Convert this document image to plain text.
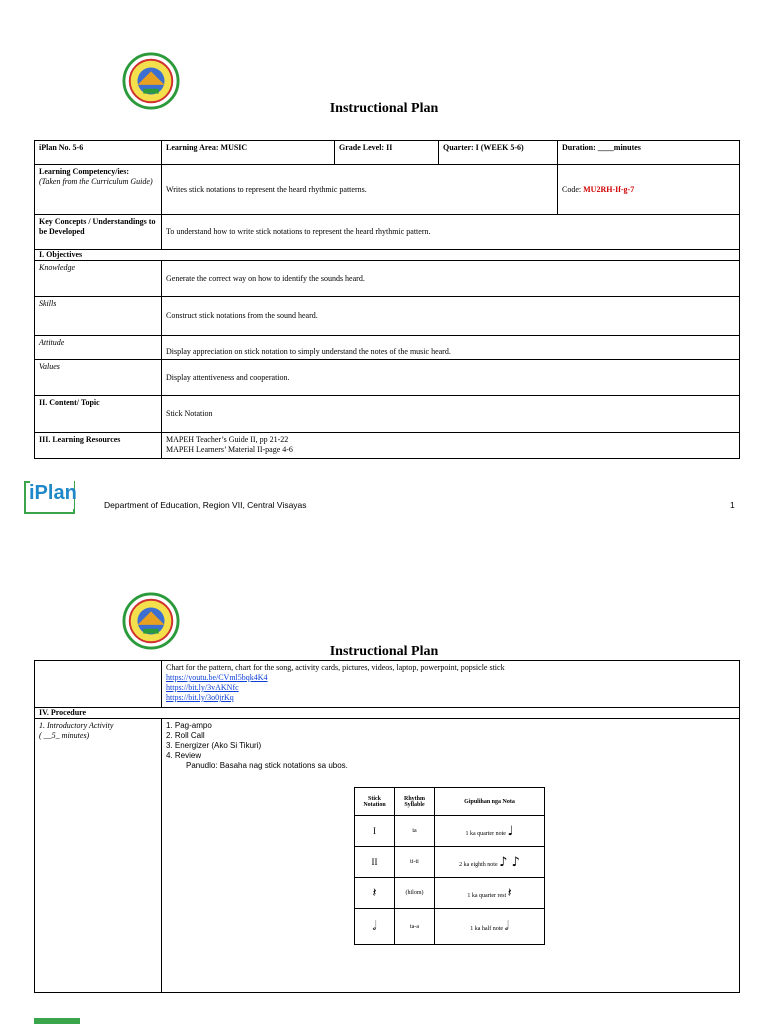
Instructional Plan
iPlan No. 5-6	Learning Area: MUSIC	Grade Level: II	Quarter: I (WEEK 5-6)	Duration: ____minutes

Learning Competency/ies:
(Taken from the Curriculum Guide)	Writes stick notations to represent the heard rhythmic patterns.			Code: MU2RH-If-g-7
Key Concepts / Understandings to be Developed	To understand how to write stick notations to represent the heard rhythmic pattern.			
I. Objectives				
Knowledge	Generate the correct way on how to identify the sounds heard.			
Skills	Construct stick notations from the sound heard.			
Attitude	Display appreciation on stick notation to simply understand the notes of the music heard.			
Values	Display attentiveness and cooperation.			
II. Content/ Topic	Stick Notation			
III. Learning Resources	MAPEH Teacher’s Guide II, pp 21-22
MAPEH Learners’ Material II-page 4-6			
iPlan
Department of Education, Region VII, Central Visayas	1
Instructional Plan

	Chart for the pattern, chart for the song, activity cards, pictures, videos, laptop, powerpoint, popsicle stick
https://youtu.be/CVml5bqk4K4
https://bit.ly/3vAKNfc
https://bit.ly/3o0jrKq

IV. Procedure	

1. Introductory Activity
( __5_ minutes)	1. Pag-ampo
2. Roll Call
3. Energizer (Ako Si Tikuri)
4. Review
Panudlo: Basaha nag stick notations sa ubos.
Stick Notation	Rhythm Syllable	Gipulihan nga Nota
I	ta	1 ka quarter note ♩
II	ti-ti	2 ka eighth note ♪ ♪
𝄽	(hilom)	1 ka quarter rest 𝄽
𝅗𝅥	ta-a	1 ka half note 𝅗𝅥
